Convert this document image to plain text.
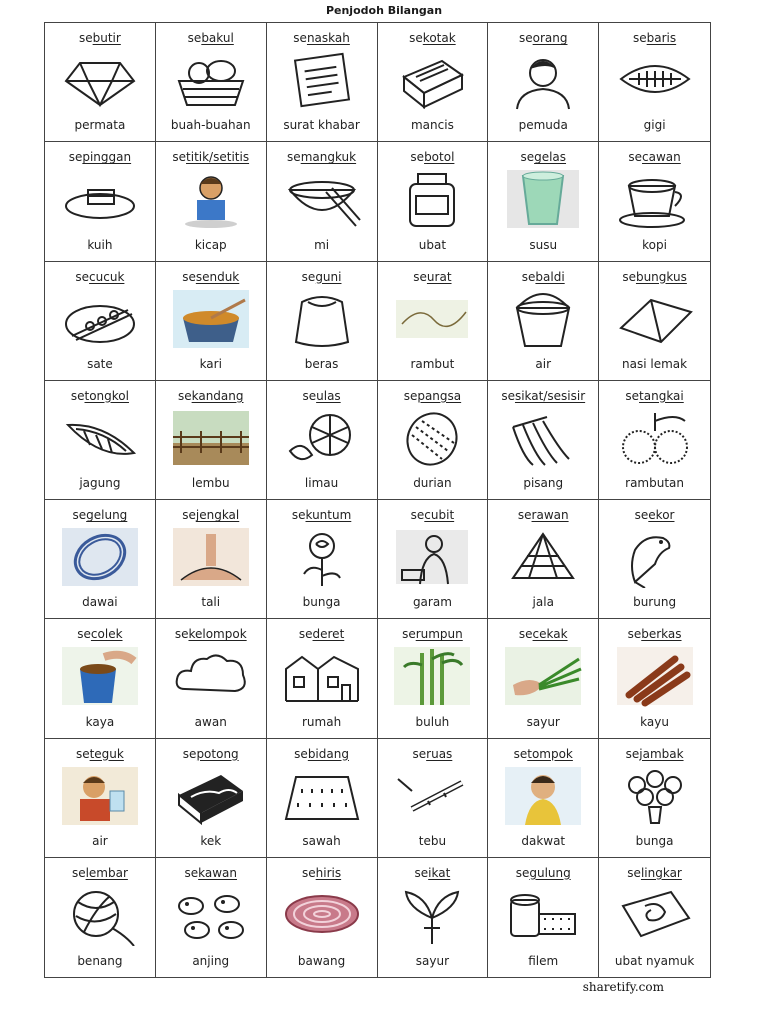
Penjodoh Bilangan
sebutir
permata
sebakul
buah-buahan
senaskah
surat khabar
sekotak
mancis
seorang
pemuda
sebaris
gigi
sepinggan
kuih
setitik/setitis
kicap
semangkuk
mi
sebotol
ubat
segelas
susu
secawan
kopi
secucuk
sate
sesenduk
kari
seguni
beras
seurat
rambut
sebaldi
air
sebungkus
nasi lemak
setongkol
jagung
sekandang
lembu
seulas
limau
sepangsa
durian
sesikat/sesisir
pisang
setangkai
rambutan
segelung
dawai
sejengkal
tali
sekuntum
bunga
secubit
garam
serawan
jala
seekor
burung
secolek
kaya
sekelompok
awan
sederet
rumah
serumpun
buluh
secekak
sayur
seberkas
kayu
seteguk
air
sepotong
kek
sebidang
sawah
seruas
tebu
setompok
dakwat
sejambak
bunga
selembar
benang
sekawan
anjing
sehiris
bawang
seikat
sayur
segulung
filem
selingkar
ubat nyamuk
sharetify.com
